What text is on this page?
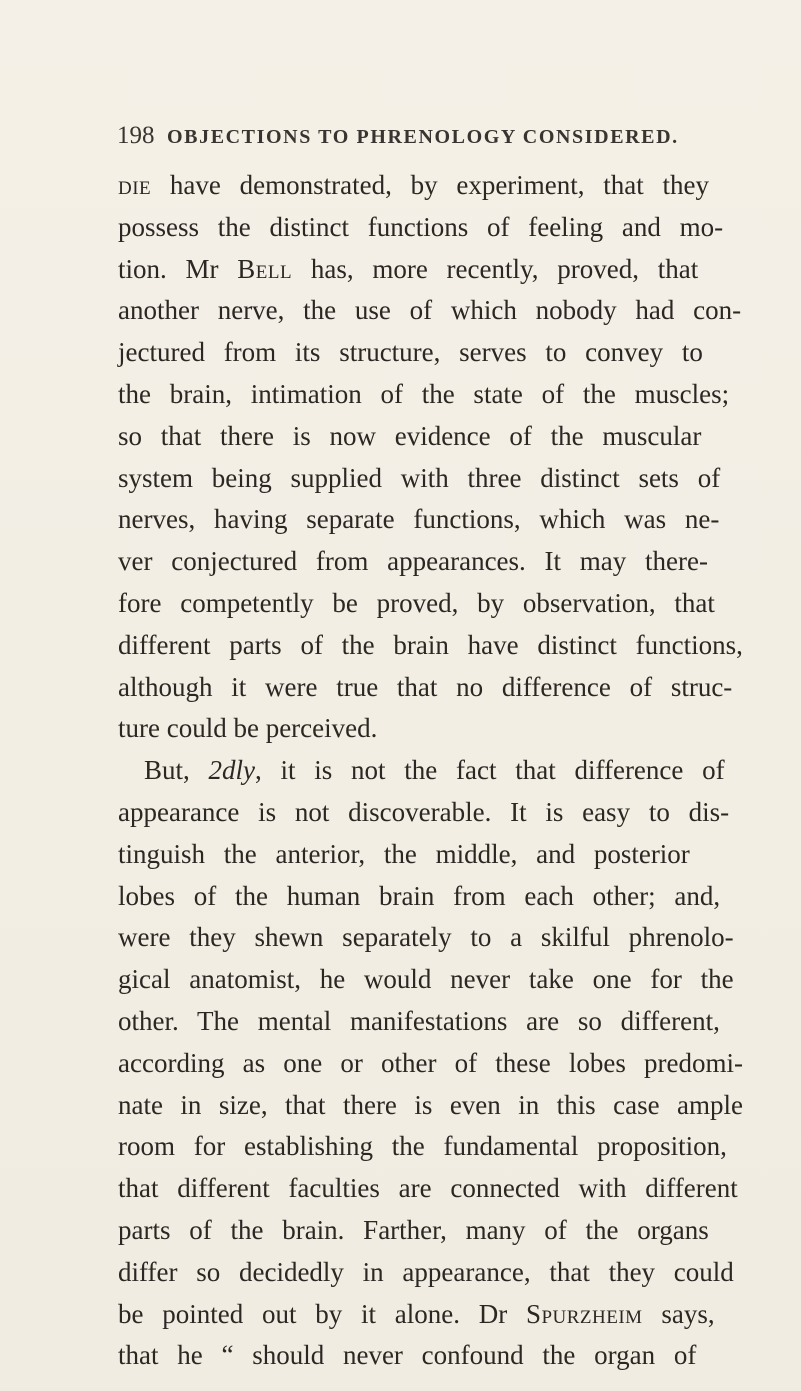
198 OBJECTIONS TO PHRENOLOGY CONSIDERED.
die have demonstrated, by experiment, that they
possess the distinct functions of feeling and mo-
tion. Mr Bell has, more recently, proved, that
another nerve, the use of which nobody had con-
jectured from its structure, serves to convey to
the brain, intimation of the state of the muscles;
so that there is now evidence of the muscular
system being supplied with three distinct sets of
nerves, having separate functions, which was ne-
ver conjectured from appearances. It may there-
fore competently be proved, by observation, that
different parts of the brain have distinct functions,
although it were true that no difference of struc-
ture could be perceived.
But, 2dly, it is not the fact that difference of
appearance is not discoverable. It is easy to dis-
tinguish the anterior, the middle, and posterior
lobes of the human brain from each other; and,
were they shewn separately to a skilful phrenolo-
gical anatomist, he would never take one for the
other. The mental manifestations are so different,
according as one or other of these lobes predomi-
nate in size, that there is even in this case ample
room for establishing the fundamental proposition,
that different faculties are connected with different
parts of the brain. Farther, many of the organs
differ so decidedly in appearance, that they could
be pointed out by it alone. Dr Spurzheim says,
that he “ should never confound the organ of
